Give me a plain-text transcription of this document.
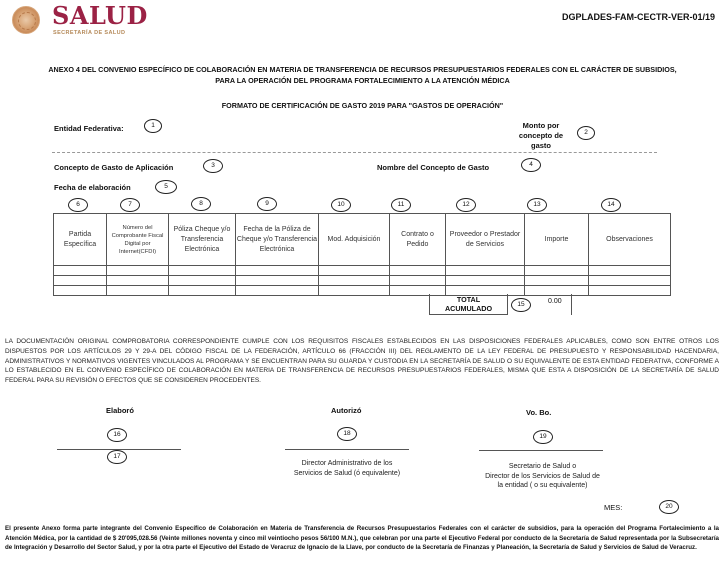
SALUD
SECRETARÍA DE SALUD
DGPLADES-FAM-CECTR-VER-01/19
ANEXO 4 DEL CONVENIO ESPECÍFICO DE COLABORACIÓN EN MATERIA DE TRANSFERENCIA DE RECURSOS PRESUPUESTARIOS FEDERALES CON EL CARÁCTER DE SUBSIDIOS,
PARA LA OPERACIÓN DEL PROGRAMA FORTALECIMIENTO A LA ATENCIÓN MÉDICA
FORMATO DE CERTIFICACIÓN DE GASTO 2019 PARA "GASTOS DE OPERACIÓN"
Entidad Federativa:	1	Monto por
concepto de
gasto
2
Concepto de Gasto de Aplicación	3	Nombre del Concepto de Gasto	4
Fecha de elaboración	5
6	7	8	9	10	11	12	13	14
Partida Específica	Número del Comprobante Fiscal Digital por Internet(CFDI)	Póliza Cheque y/o Transferencia Electrónica	Fecha de la Póliza de Cheque y/o Transferencia Electrónica	Mod. Adquisición	Contrato o Pedido	Proveedor o Prestador de Servicios	Importe	Observaciones

TOTAL
ACUMULADO	15	0.00
LA DOCUMENTACIÓN ORIGINAL COMPROBATORIA CORRESPONDIENTE CUMPLE CON LOS REQUISITOS FISCALES ESTABLECIDOS EN LAS DISPOSICIONES FEDERALES APLICABLES, COMO SON ENTRE OTROS LOS DISPUESTOS POR LOS ARTÍCULOS 29 Y 29-A DEL CÓDIGO FISCAL DE LA FEDERACIÓN, ARTÍCULO 66 (FRACCIÓN III) DEL REGLAMENTO DE LA LEY FEDERAL DE PRESUPUESTO Y RESPONSABILIDAD HACENDARIA, ADMINISTRATIVOS Y NORMATIVOS VIGENTES VINCULADOS AL PROGRAMA Y SE ENCUENTRAN PARA SU GUARDA Y CUSTODIA EN LA SECRETARÍA DE SALUD O SU EQUIVALENTE DE ESTA ENTIDAD FEDERATIVA, CONFORME A LO ESTABLECIDO EN EL CONVENIO ESPECÍFICO DE COLABORACIÓN EN MATERIA DE TRANSFERENCIA DE RECURSOS PRESUPUESTARIOS FEDERALES, MISMA QUE ESTA A DISPOSICIÓN DE LA SECRETARÍA DE SALUD FEDERAL PARA SU REVISIÓN O EFECTOS QUE SE CONSIDEREN PROCEDENTES.
Elaboró
16
17
Autorizó
18
Director Administrativo de los
Servicios de Salud (ó equivalente)
Vo. Bo.
19
Secretario de Salud o
Director de los Servicios de Salud de
la entidad ( o su equivalente)
MES:	20
El presente Anexo forma parte integrante del Convenio Específico de Colaboración en Materia de Transferencia de Recursos Presupuestarios Federales con el carácter de subsidios, para la operación del Programa Fortalecimiento a la Atención Médica, por la cantidad de $ 20'095,028.56 (Veinte millones noventa y cinco mil veintiocho pesos 56/100 M.N.), que celebran por una parte el Ejecutivo Federal por conducto de la Secretaría de Salud representada por la Subsecretaría de Integración y Desarrollo del Sector Salud, y por la otra parte el Ejecutivo del Estado de Veracruz de Ignacio de la Llave, por conducto de la Secretaría de Finanzas y Planeación, la Secretaría de Salud y Servicios de Salud de Veracruz.
